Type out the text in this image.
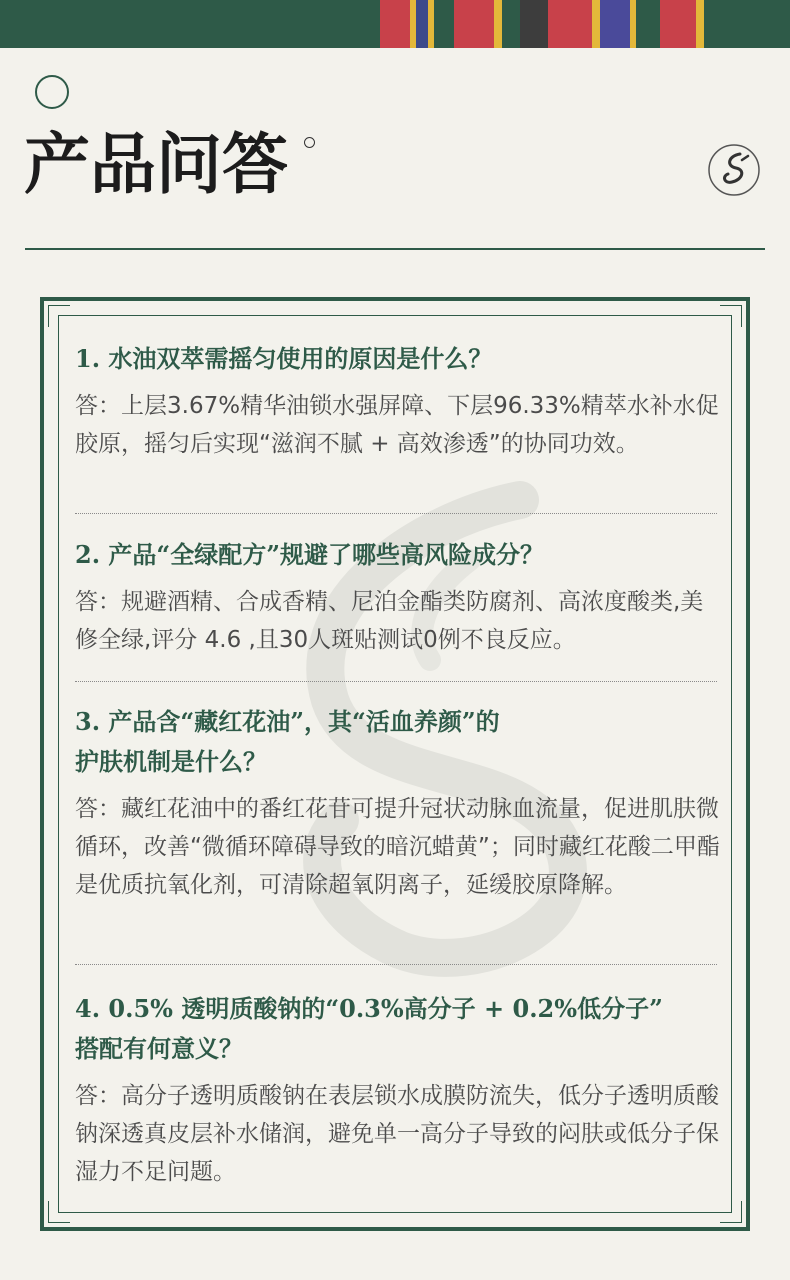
产品问答

1. 水油双萃需摇匀使用的原因是什么？

答：上层3.67%精华油锁水强屏障、下层96.33%精萃水补水促胶原，摇匀后实现“滋润不腻 + 高效渗透”的协同功效。

2. 产品“全绿配方”规避了哪些高风险成分？

答：规避酒精、合成香精、尼泊金酯类防腐剂、高浓度酸类,美修全绿,评分 4.6 ,且30人斑贴测试0例不良反应。

3. 产品含“藏红花油”，其“活血养颜”的
护肤机制是什么？

答：藏红花油中的番红花苷可提升冠状动脉血流量，促进肌肤微循环，改善“微循环障碍导致的暗沉蜡黄”；同时藏红花酸二甲酯是优质抗氧化剂，可清除超氧阴离子，延缓胶原降解。

4. 0.5% 透明质酸钠的“0.3%高分子 + 0.2%低分子”
搭配有何意义？

答：高分子透明质酸钠在表层锁水成膜防流失，低分子透明质酸钠深透真皮层补水储润，避免单一高分子导致的闷肤或低分子保湿力不足问题。
